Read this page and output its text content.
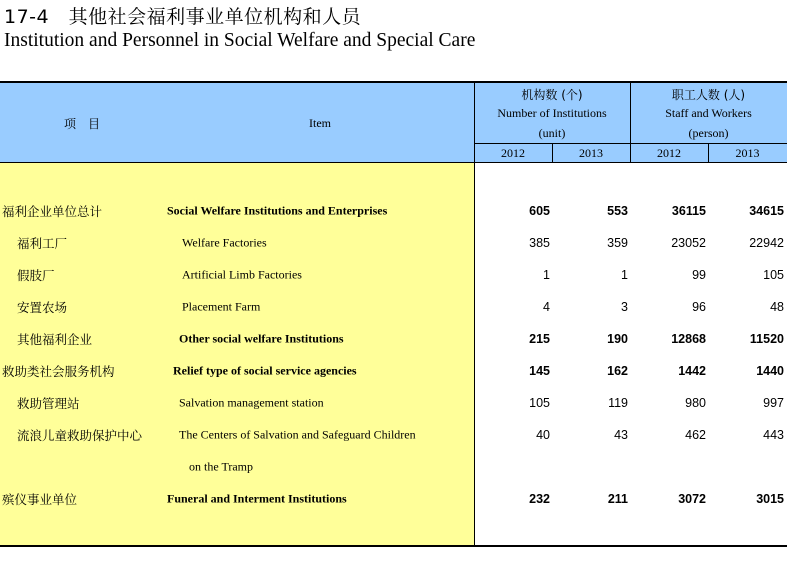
17-4　其他社会福利事业单位机构和人员
Institution and Personnel in Social Welfare and Special Care
项　目	Item
机构数 (个)
Number of Institutions
(unit)
职工人数 (人)
Staff and Workers
(person)
2012	2013	2012	2013
福利企业单位总计	Social Welfare Institutions and Enterprises	605	553	36115	34615
福利工厂	Welfare Factories	385	359	23052	22942
假肢厂	Artificial Limb Factories	1	1	99	105
安置农场	Placement Farm	4	3	96	48
其他福利企业	Other social welfare Institutions	215	190	12868	11520
救助类社会服务机构	Relief type of social service agencies	145	162	1442	1440
救助管理站	Salvation management station	105	119	980	997
流浪儿童救助保护中心	The Centers of Salvation and Safeguard Children	40	43	462	443
on the Tramp
殡仪事业单位	Funeral and Interment Institutions	232	211	3072	3015
